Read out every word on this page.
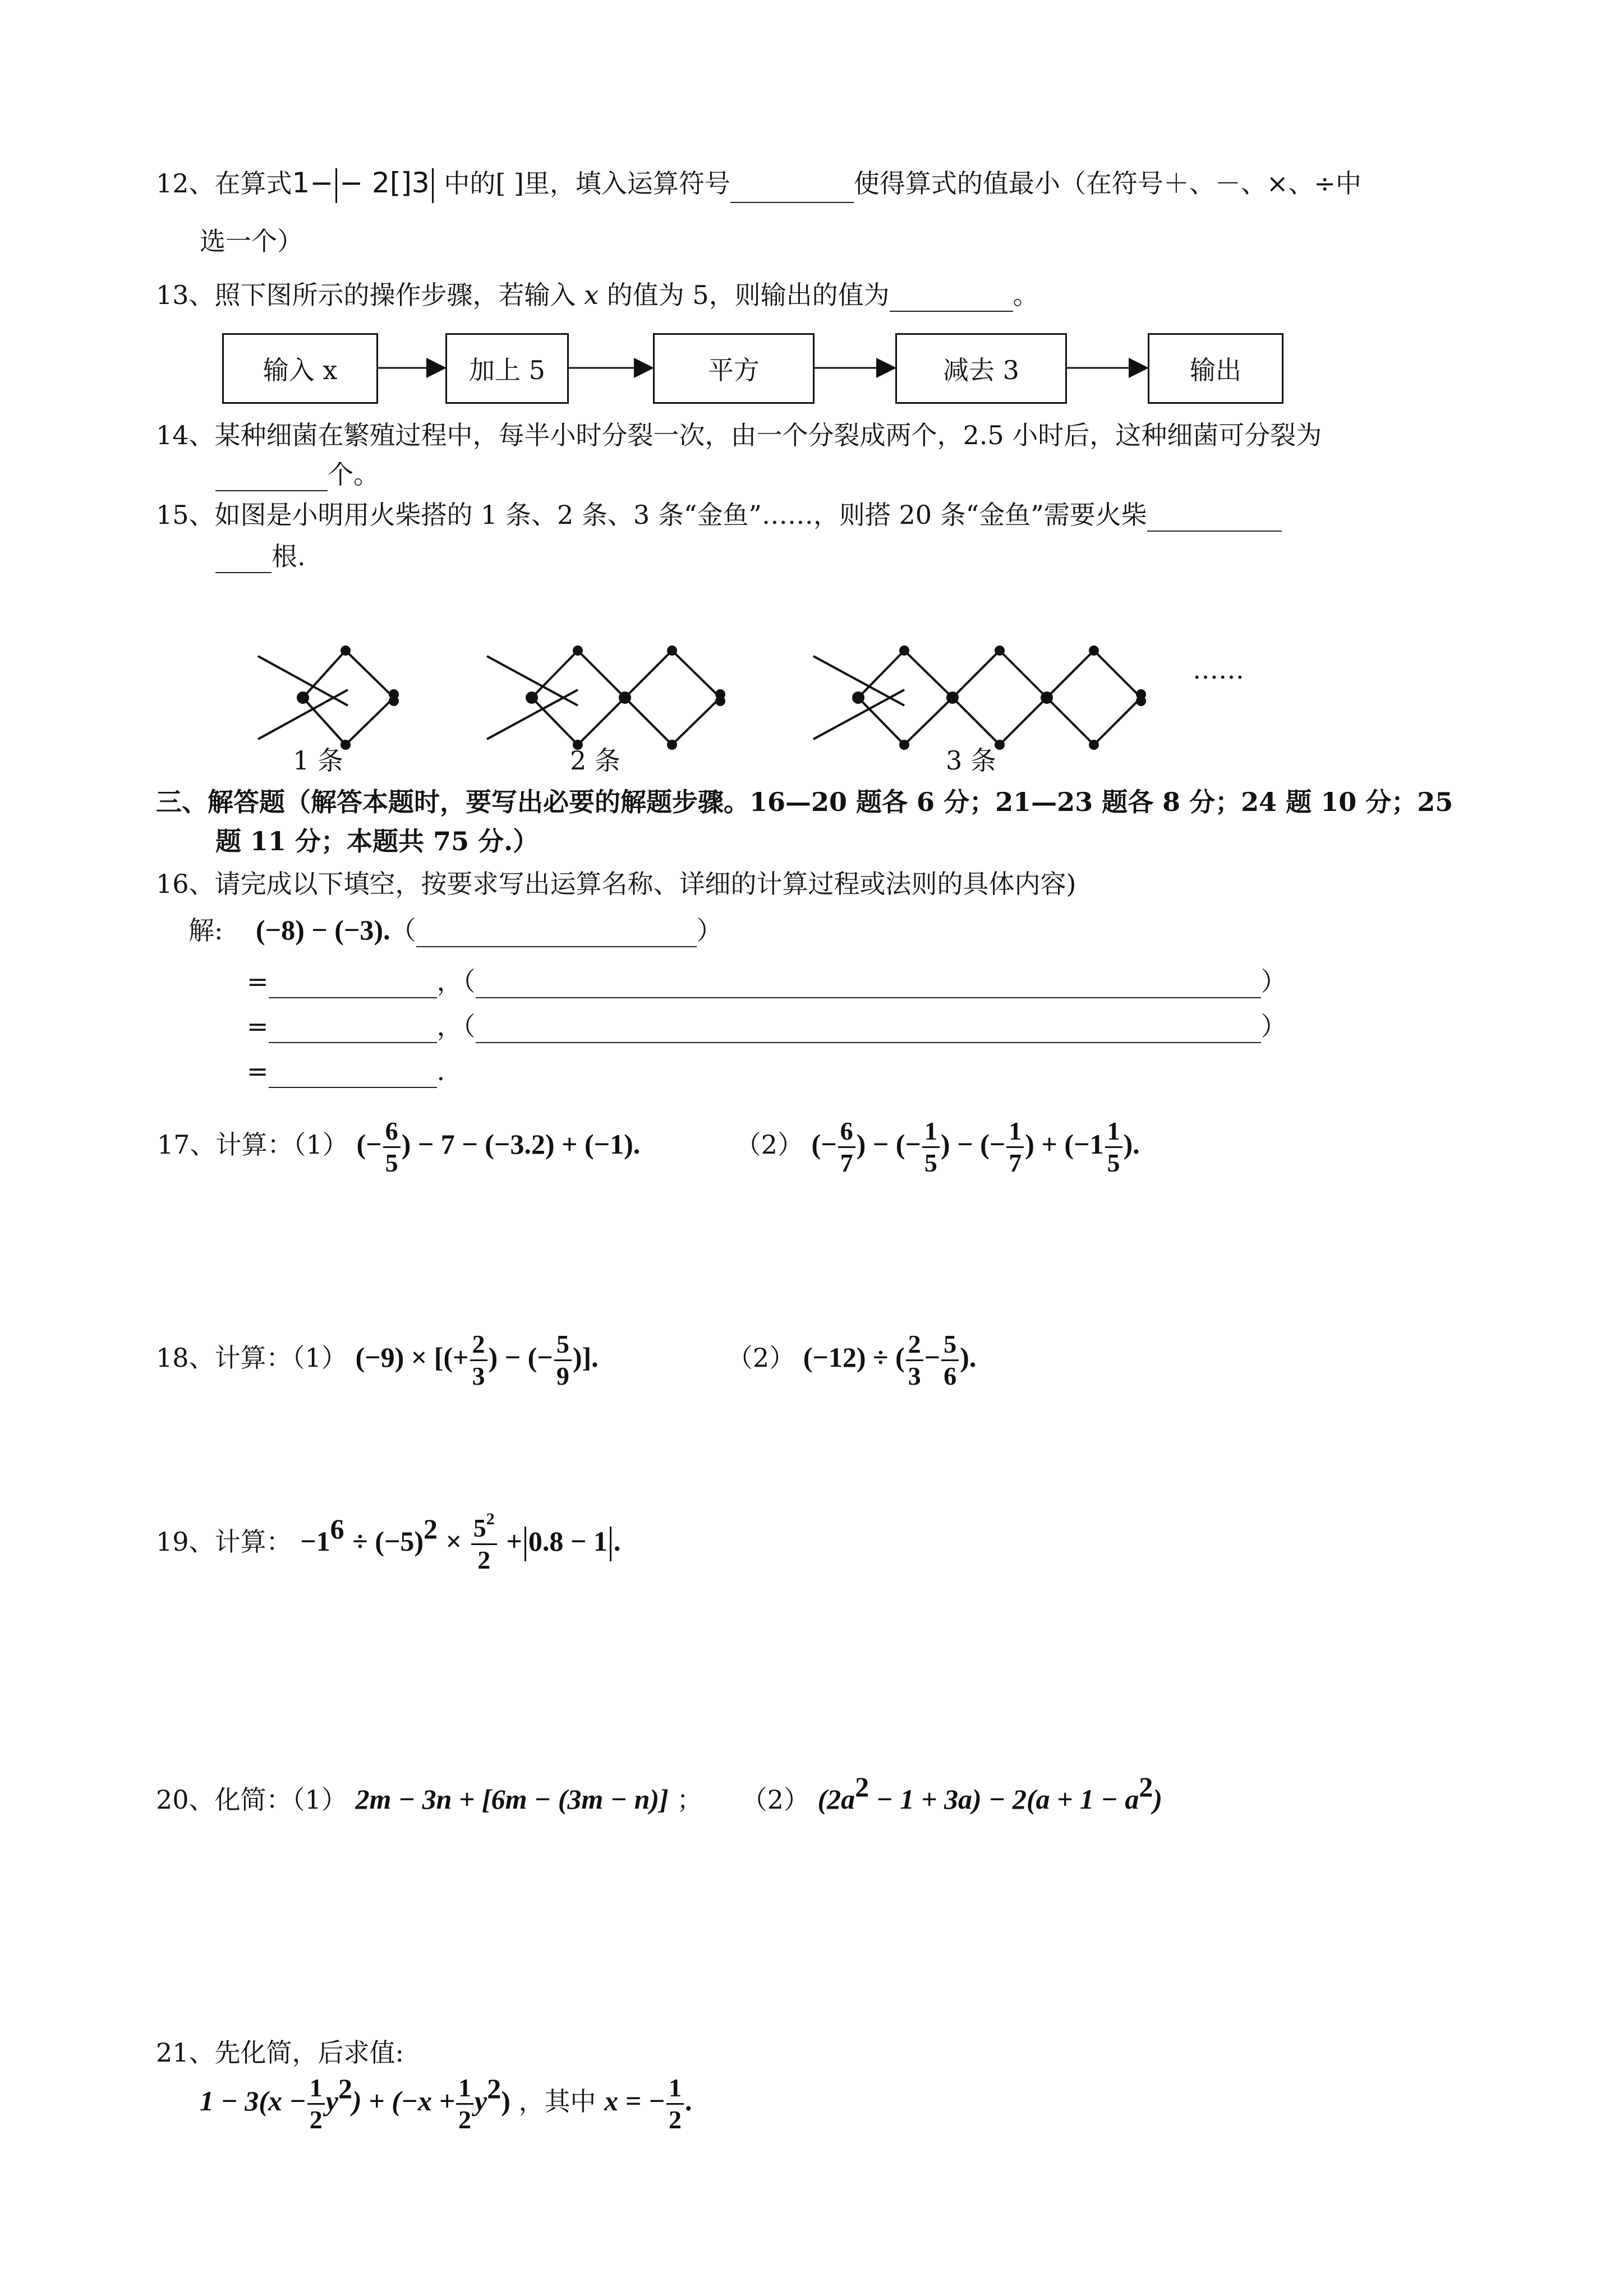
12、在算式1− − 2[]3 中的[ ]里，填入运算符号	使得算式的值最小（在符号＋、－、×、÷中
选一个）
13、照下图所示的操作步骤，若输入 x 的值为 5，则输出的值为	。
输入 x	加上 5	平方	减去 3	输出
14、某种细菌在繁殖过程中，每半小时分裂一次，由一个分裂成两个，2.5 小时后，这种细菌可分裂为
个。
15、如图是小明用火柴搭的 1 条、2 条、3 条“金鱼”……，则搭 20 条“金鱼”需要火柴
根.
……
1 条	2 条	3 条
三、解答题（解答本题时，要写出必要的解题步骤。16—20 题各 6 分；21—23 题各 8 分；24 题 10 分；25
题 11 分；本题共 75 分.）
16、请完成以下填空，按要求写出运算名称、详细的计算过程或法则的具体内容)
解: (−8) − (−3).（	）
=	，（	）
=	，（	）
=	.
17、计算：（1） (− $\frac{6}{5}$ ) − 7 − (−3.2) + (−1).	（2） (− $\frac{6}{7}$ ) − (− $\frac{1}{5}$ ) − (− $\frac{1}{7}$ ) + ($-1 \frac{1}{5}$ ).
18、计算：（1） (−9) × [(+ $\frac{2}{3}$ ) − (− $\frac{5}{9}$ )].	（2） (−12) ÷ ( $\frac{2}{3} - \frac{5}{6}$ ).
19、计算： $-1^6 \div (-5)^2 \times \frac{5^2}{2} + 0.8 - 1$ .
20、化简：（1） 2m − 3n + [6m − (3m − n)] ； （2） $(2a^2 - 1 + 3a) - 2(a + 1 - a^2)$
21、先化简，后求值:
$1 - 3(x - \frac{1}{2} y^2) + (-x + \frac{1}{2} y^2)$ ，其中 x = − $\frac{1}{2}$ .
